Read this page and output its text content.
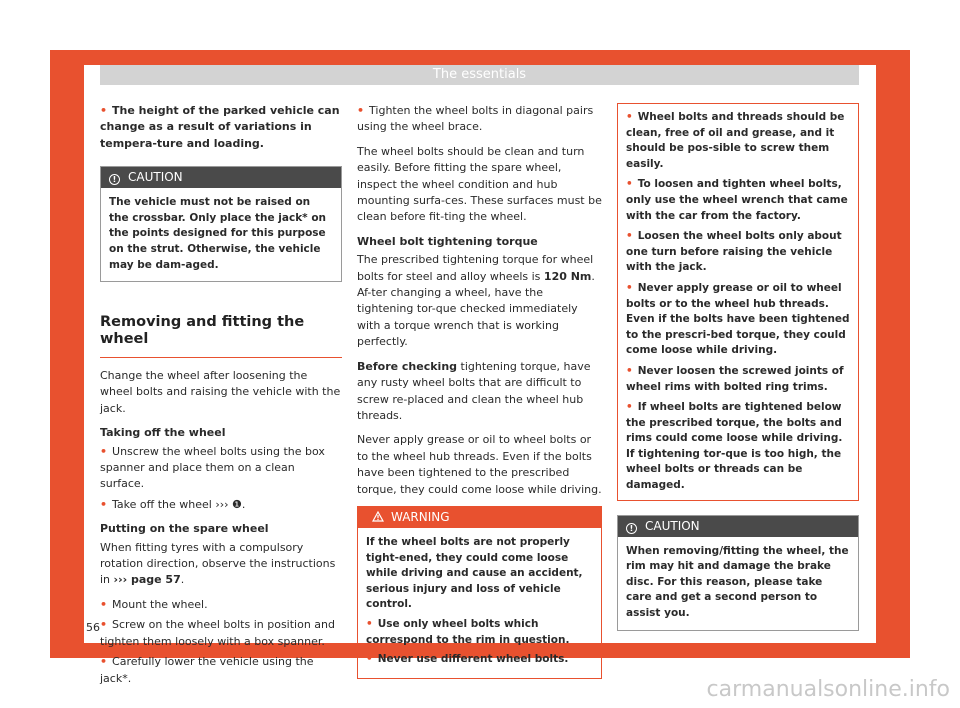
The essentials

• The height of the parked vehicle can change as a result of variations in tempera-ture and loading.

! CAUTION
The vehicle must not be raised on the crossbar. Only place the jack* on the points designed for this purpose on the strut. Otherwise, the vehicle may be dam-aged.
Removing and fitting the wheel

Change the wheel after loosening the wheel bolts and raising the vehicle with the jack.

Taking off the wheel

• Unscrew the wheel bolts using the box spanner and place them on a clean surface.

• Take off the wheel ››› ❶.

Putting on the spare wheel

When fitting tyres with a compulsory rotation direction, observe the instructions in ››› page 57.

• Mount the wheel.

• Screw on the wheel bolts in position and tighten them loosely with a box spanner.

• Carefully lower the vehicle using the jack*.

• Tighten the wheel bolts in diagonal pairs using the wheel brace.

The wheel bolts should be clean and turn easily. Before fitting the spare wheel, inspect the wheel condition and hub mounting surfa-ces. These surfaces must be clean before fit-ting the wheel.

Wheel bolt tightening torque

The prescribed tightening torque for wheel bolts for steel and alloy wheels is 120 Nm. Af-ter changing a wheel, have the tightening tor-que checked immediately with a torque wrench that is working perfectly.

Before checking tightening torque, have any rusty wheel bolts that are difficult to screw re-placed and clean the wheel hub threads.

Never apply grease or oil to wheel bolts or to the wheel hub threads. Even if the bolts have been tightened to the prescribed torque, they could come loose while driving.

WARNING

If the wheel bolts are not properly tight-ened, they could come loose while driving and cause an accident, serious injury and loss of vehicle control.

• Use only wheel bolts which correspond to the rim in question.

• Never use different wheel bolts.

• Wheel bolts and threads should be clean, free of oil and grease, and it should be pos-sible to screw them easily.

• To loosen and tighten wheel bolts, only use the wheel wrench that came with the car from the factory.

• Loosen the wheel bolts only about one turn before raising the vehicle with the jack.

• Never apply grease or oil to wheel bolts or to the wheel hub threads. Even if the bolts have been tightened to the prescri-bed torque, they could come loose while driving.

• Never loosen the screwed joints of wheel rims with bolted ring trims.

• If wheel bolts are tightened below the prescribed torque, the bolts and rims could come loose while driving. If tightening tor-que is too high, the wheel bolts or threads can be damaged.

! CAUTION
When removing/fitting the wheel, the rim may hit and damage the brake disc. For this reason, please take care and get a second person to assist you.
56
carmanualsonline.info
